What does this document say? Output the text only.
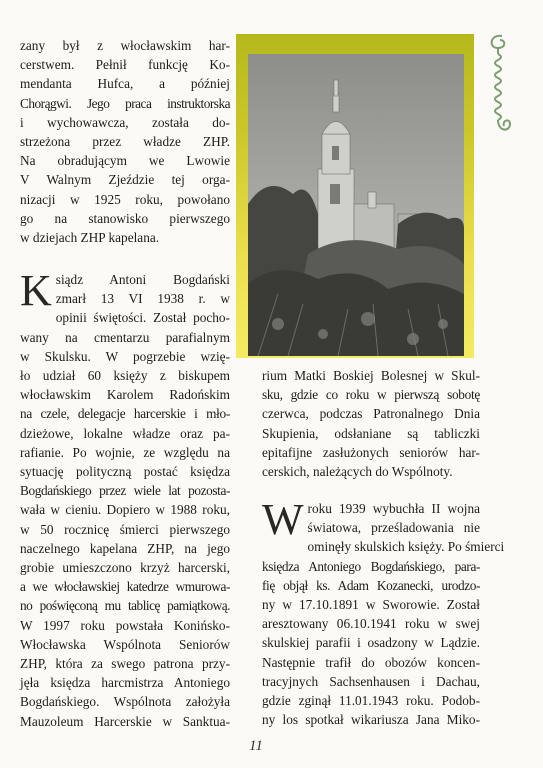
zany był z włocławskim har-
cerstwem. Pełnił funkcję Ko-
mendanta Hufca, a później
Chorągwi. Jego praca instruktorska
i wychowawcza, została do-
strzeżona przez władze ZHP.
Na obradującym we Lwowie
V Walnym Zjeździe tej orga-
nizacji w 1925 roku, powołano
go na stanowisko pierwszego
w dziejach ZHP kapelana.
K siądz Antoni Bogdański
zmarł 13 VI 1938 r. w
opinii świętości. Został pocho-
wany na cmentarzu parafialnym
w Skulsku. W pogrzebie wzię-
ło udział 60 księży z biskupem
włocławskim Karolem Radońskim
na czele, delegacje harcerskie i mło-
dzieżowe, lokalne władze oraz pa-
rafianie. Po wojnie, ze względu na
sytuację polityczną postać księdza
Bogdańskiego przez wiele lat pozosta-
wała w cieniu. Dopiero w 1988 roku,
w 50 rocznicę śmierci pierwszego
naczelnego kapelana ZHP, na jego
grobie umieszczono krzyż harcerski,
a we włocławskiej katedrze wmurowa-
no poświęconą mu tablicę pamiątkową.
W 1997 roku powstała Konińsko-
Włocławska Wspólnota Seniorów
ZHP, która za swego patrona przy-
jęła księdza harcmistrza Antoniego
Bogdańskiego. Wspólnota założyła
Mauzoleum Harcerskie w Sanktua-
rium Matki Boskiej Bolesnej w Skul-
sku, gdzie co roku w pierwszą sobotę
czerwca, podczas Patronalnego Dnia
Skupienia, odsłaniane są tabliczki
epitafijne zasłużonych seniorów har-
cerskich, należących do Wspólnoty.
W roku 1939 wybuchła II wojna
światowa, prześladowania nie
ominęły skulskich księży. Po śmierci
księdza Antoniego Bogdańskiego, para-
fię objął ks. Adam Kozanecki, urodzo-
ny w 17.10.1891 w Sworowie. Został
aresztowany 06.10.1941 roku w swej
skulskiej parafii i osadzony w Lądzie.
Następnie trafił do obozów koncen-
tracyjnych Sachsenhausen i Dachau,
gdzie zginął 11.01.1943 roku. Podob-
ny los spotkał wikariusza Jana Miko-
11
